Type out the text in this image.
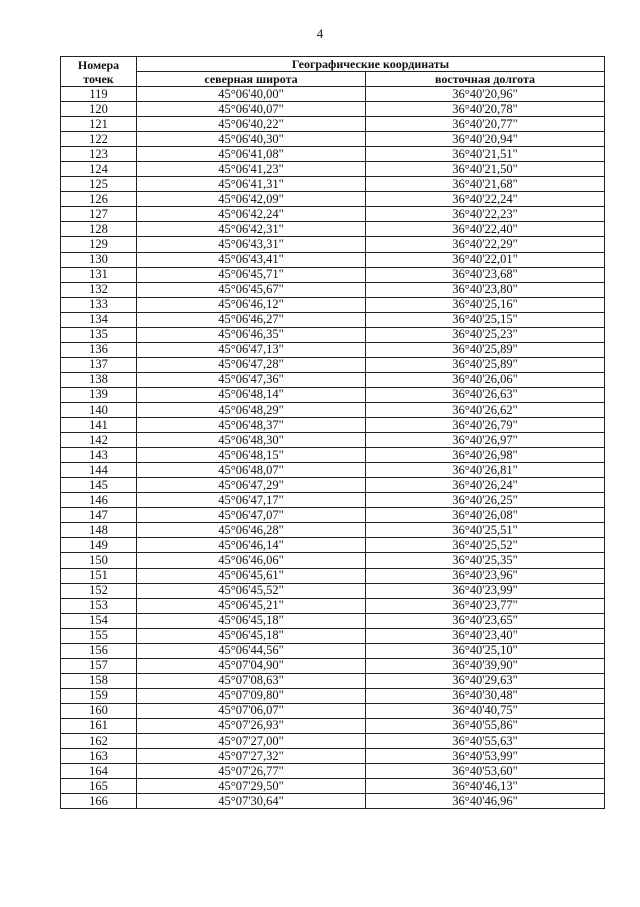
4
Номера
точек	Географические координаты	
	северная широта	восточная долгота
119	45°06'40,00"	36°40'20,96"
120	45°06'40,07"	36°40'20,78"
121	45°06'40,22"	36°40'20,77"
122	45°06'40,30"	36°40'20,94"
123	45°06'41,08"	36°40'21,51"
124	45°06'41,23"	36°40'21,50"
125	45°06'41,31"	36°40'21,68"
126	45°06'42,09"	36°40'22,24"
127	45°06'42,24"	36°40'22,23"
128	45°06'42,31"	36°40'22,40"
129	45°06'43,31"	36°40'22,29"
130	45°06'43,41"	36°40'22,01"
131	45°06'45,71"	36°40'23,68"
132	45°06'45,67"	36°40'23,80"
133	45°06'46,12"	36°40'25,16"
134	45°06'46,27"	36°40'25,15"
135	45°06'46,35"	36°40'25,23"
136	45°06'47,13"	36°40'25,89"
137	45°06'47,28"	36°40'25,89"
138	45°06'47,36"	36°40'26,06"
139	45°06'48,14"	36°40'26,63"
140	45°06'48,29"	36°40'26,62"
141	45°06'48,37"	36°40'26,79"
142	45°06'48,30"	36°40'26,97"
143	45°06'48,15"	36°40'26,98"
144	45°06'48,07"	36°40'26,81"
145	45°06'47,29"	36°40'26,24"
146	45°06'47,17"	36°40'26,25"
147	45°06'47,07"	36°40'26,08"
148	45°06'46,28"	36°40'25,51"
149	45°06'46,14"	36°40'25,52"
150	45°06'46,06"	36°40'25,35"
151	45°06'45,61"	36°40'23,96"
152	45°06'45,52"	36°40'23,99"
153	45°06'45,21"	36°40'23,77"
154	45°06'45,18"	36°40'23,65"
155	45°06'45,18"	36°40'23,40"
156	45°06'44,56"	36°40'25,10"
157	45°07'04,90"	36°40'39,90"
158	45°07'08,63"	36°40'29,63"
159	45°07'09,80"	36°40'30,48"
160	45°07'06,07"	36°40'40,75"
161	45°07'26,93"	36°40'55,86"
162	45°07'27,00"	36°40'55,63"
163	45°07'27,32"	36°40'53,99"
164	45°07'26,77"	36°40'53,60"
165	45°07'29,50"	36°40'46,13"
166	45°07'30,64"	36°40'46,96"
